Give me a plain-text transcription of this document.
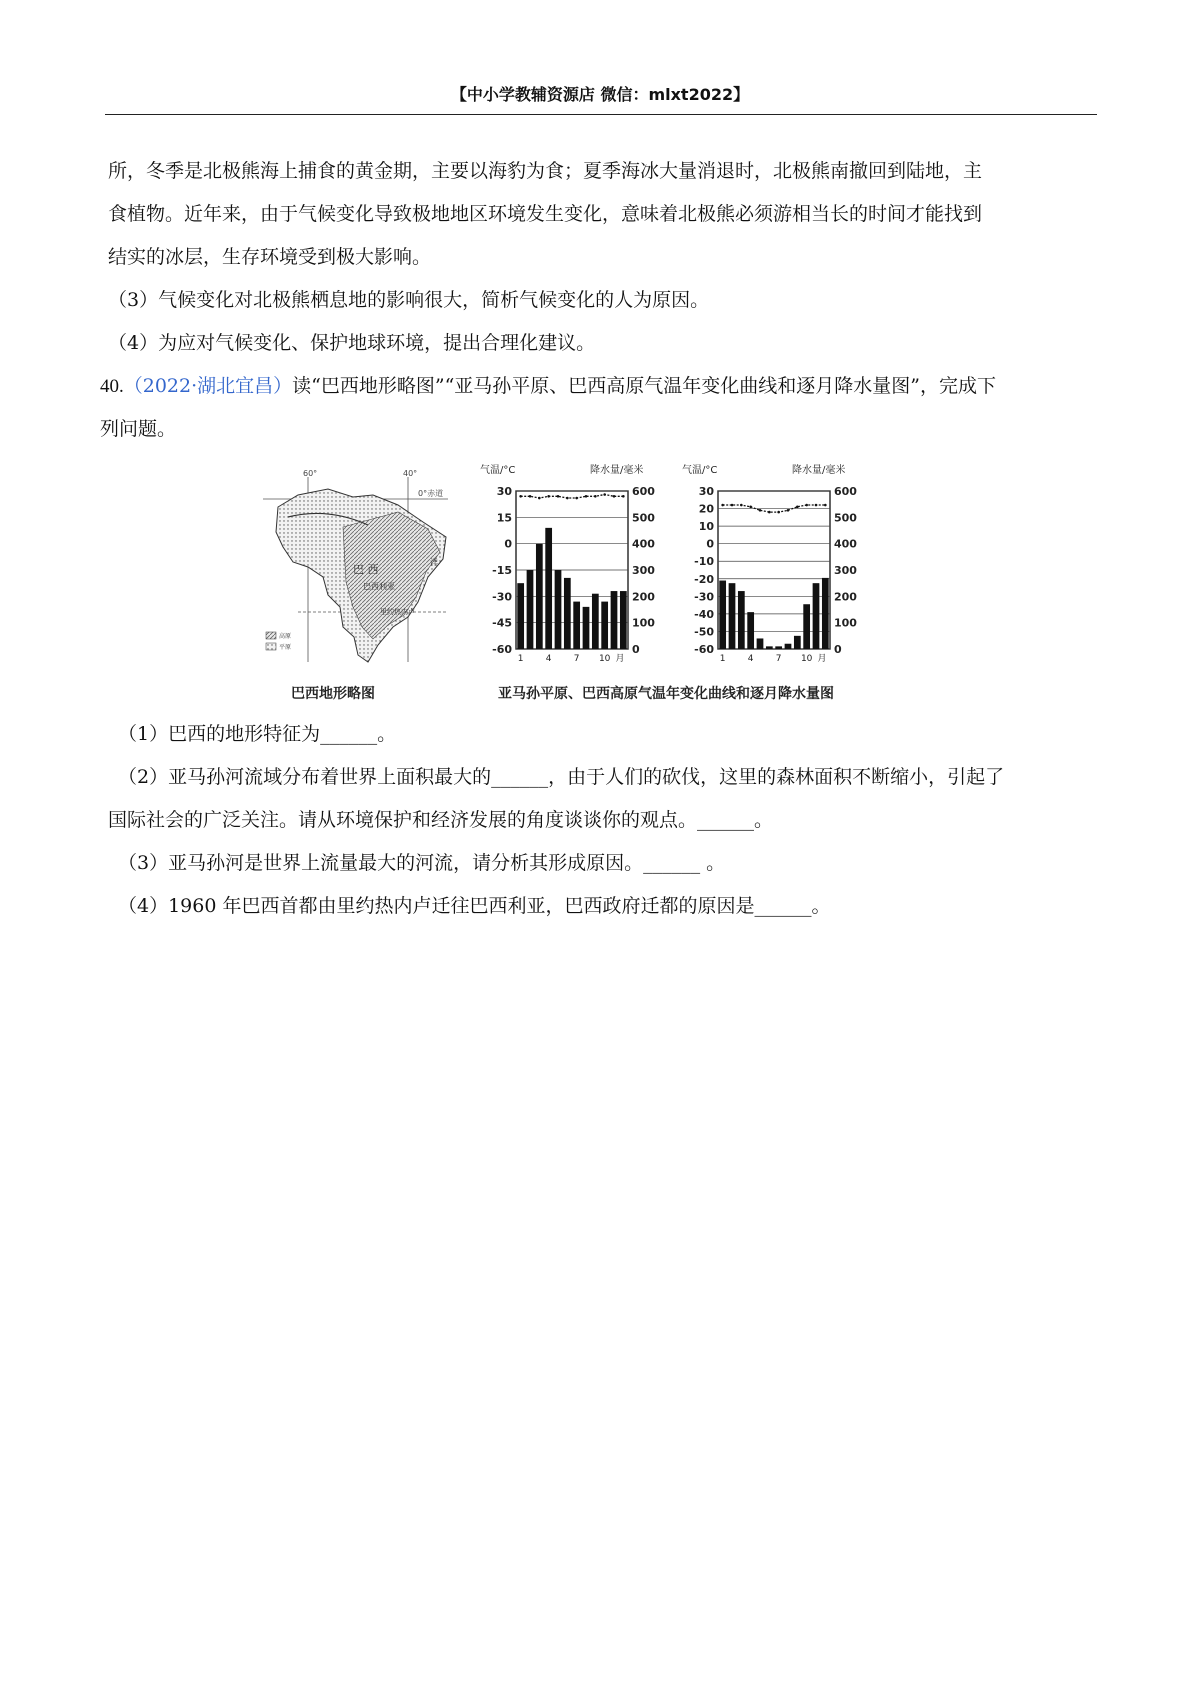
【中小学教辅资源店 微信：mlxt2022】

所，冬季是北极熊海上捕食的黄金期，主要以海豹为食；夏季海冰大量消退时，北极熊南撤回到陆地，主

食植物。近年来，由于气候变化导致极地地区环境发生变化，意味着北极熊必须游相当长的时间才能找到

结实的冰层，生存环境受到极大影响。

（3）气候变化对北极熊栖息地的影响很大，简析气候变化的人为原因。

（4）为应对气候变化、保护地球环境，提出合理化建议。

40.（2022·湖北宜昌）读“巴西地形略图”“亚马孙平原、巴西高原气温年变化曲线和逐月降水量图”，完成下

列问题。

60°	40°
0°赤道
巴 西
巴西利亚
里约热内卢
洋
高原
平原
巴西地形略图
气温/°C	降水量/毫米
30
15
0
-15
-30
-45
-60
600
500
400
300
200
100
0
1 4 7 10 月
气温/°C	降水量/毫米
30
20
10
0
-10
-20
-30
-40
-50
-60
600
500
400
300
200
100
0
1 4 7 10 月
亚马孙平原、巴西高原气温年变化曲线和逐月降水量图

（1）巴西的地形特征为______。

（2）亚马孙河流域分布着世界上面积最大的______，由于人们的砍伐，这里的森林面积不断缩小，引起了

国际社会的广泛关注。请从环境保护和经济发展的角度谈谈你的观点。______。

（3）亚马孙河是世界上流量最大的河流，请分析其形成原因。______ 。

（4）1960 年巴西首都由里约热内卢迁往巴西利亚，巴西政府迁都的原因是______。
